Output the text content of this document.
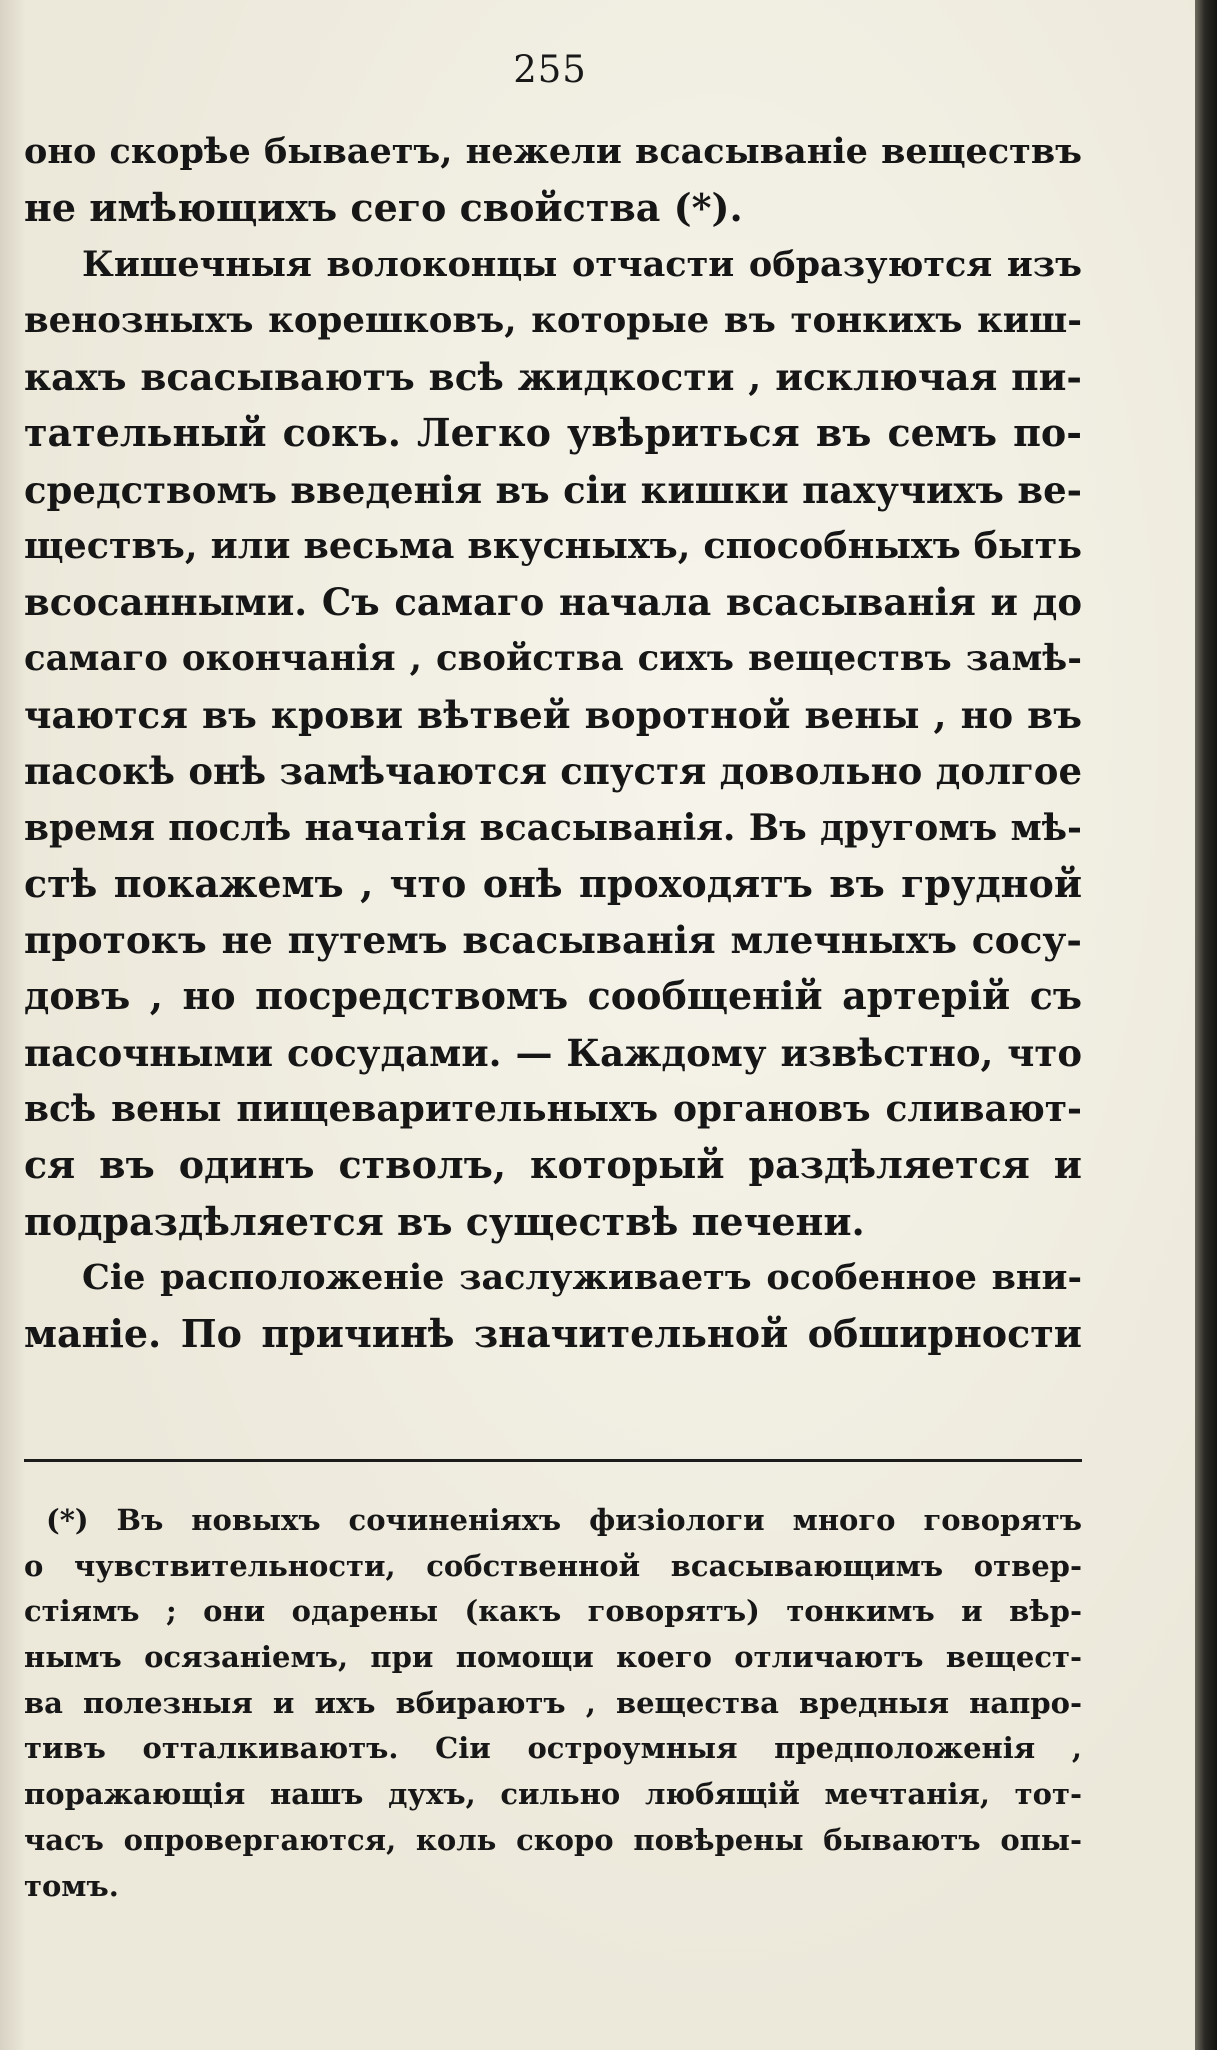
255
оно скорѣе бываетъ, нежели всасыванiе веществъ
не имѣющихъ сего свойства (*).
Кишечныя волоконцы отчасти образуются изъ
венозныхъ корешковъ, которые въ тонкихъ киш-
кахъ всасываютъ всѣ жидкости , исключая пи-
тательный сокъ. Легко увѣриться въ семъ по-
средствомъ введенiя въ сiи кишки пахучихъ ве-
ществъ, или весьма вкусныхъ, способныхъ быть
всосанными. Съ самаго начала всасыванiя и до
самаго окончанiя , свойства сихъ веществъ замѣ-
чаются въ крови вѣтвей воротной вены , но въ
пасокѣ онѣ замѣчаются спустя довольно долгое
время послѣ начатiя всасыванiя. Въ другомъ мѣ-
стѣ покажемъ , что онѣ проходятъ въ грудной
протокъ не путемъ всасыванiя млечныхъ сосу-
довъ , но посредствомъ сообщенiй артерiй съ
пасочными сосудами. — Каждому извѣстно, что
всѣ вены пищеварительныхъ органовъ сливают-
ся въ одинъ стволъ, который раздѣляется и
подраздѣляется въ существѣ печени.
Сiе расположенiе заслуживаетъ особенное вни-
манiе. По причинѣ значительной обширности
(*) Въ новыхъ сочиненiяхъ физiологи много говорятъ
о чувствительности, собственной всасывающимъ отвер-
стiямъ ; они одарены (какъ говорятъ) тонкимъ и вѣр-
нымъ осязанiемъ, при помощи коего отличаютъ вещест-
ва полезныя и ихъ вбираютъ , вещества вредныя напро-
тивъ отталкиваютъ. Сiи остроумныя предположенiя ,
поражающiя нашъ духъ, сильно любящiй мечтанiя, тот-
часъ опровергаются, коль скоро повѣрены бываютъ опы-
томъ.
